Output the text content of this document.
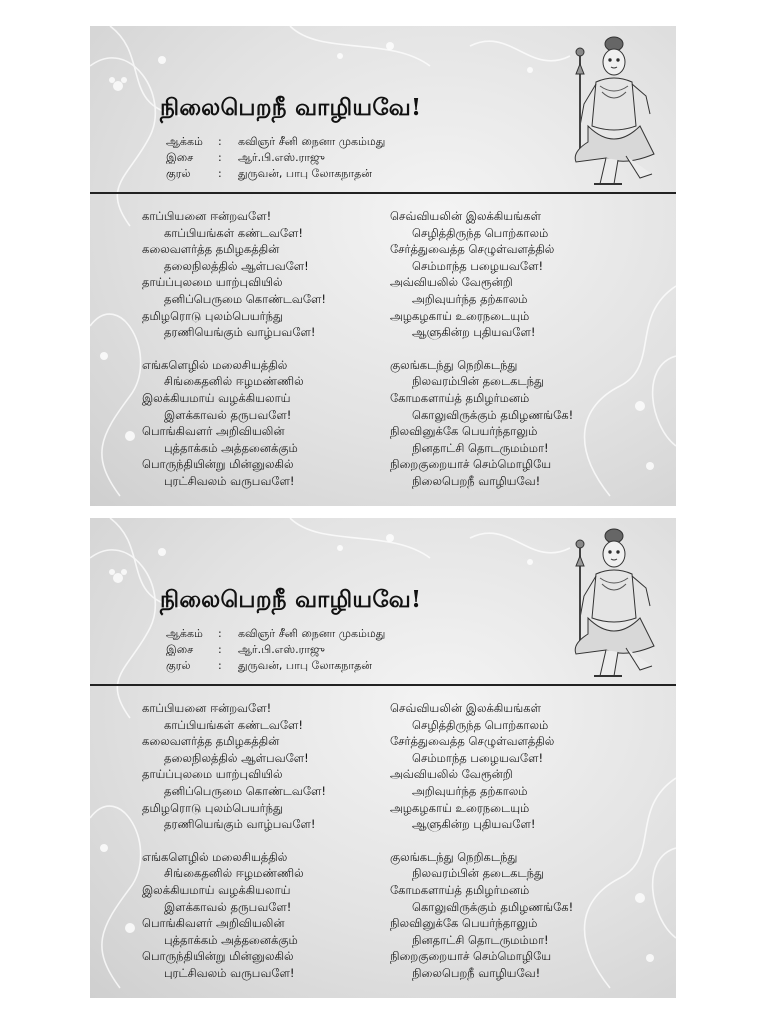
நிலைபெறநீ வாழியவே!
ஆக்கம்	:	கவிஞர் சீனி நைனா முகம்மது
இசை	:	ஆர்.பி.எஸ்.ராஜு
குரல்	:	துருவன், பாபு லோகநாதன்
காப்பியனை ஈன்றவளே!
காப்பியங்கள் கண்டவளே!
கலைவளர்த்த தமிழகத்தின்
தலைநிலத்தில் ஆள்பவளே!
தாய்ப்புலமை யாற்புவியில்
தனிப்பெருமை கொண்டவளே!
தமிழரொடு புலம்பெயர்ந்து
தரணியெங்கும் வாழ்பவளே!
எங்களெழில் மலைசியத்தில்
சிங்கைதனில் ஈழமண்ணில்
இலக்கியமாய் வழக்கியலாய்
இளக்காவல் தருபவளே!
பொங்கிவளர் அறிவியலின்
புத்தாக்கம் அத்தனைக்கும்
பொருந்தியின்று மின்னுலகில்
புரட்சிவலம் வருபவளே!
செவ்வியலின் இலக்கியங்கள்
செழித்திருந்த பொற்காலம்
சேர்த்துவைத்த செழுள்வளத்தில்
செம்மாந்த பழையவளே!
அவ்வியலில் வேரூன்றி
அறிவுயர்ந்த தற்காலம்
அழகழகாய் உரைநடையும்
ஆளுகின்ற புதியவளே!
குலங்கடந்து நெறிகடந்து
நிலவரம்பின் தடைகடந்து
கோமகளாய்த் தமிழர்மனம்
கொலுவிருக்கும் தமிழணங்கே!
நிலவினுக்கே பெயர்ந்தாலும்
நினதாட்சி தொடருமம்மா!
நிறைகுறையாச் செம்மொழியே
நிலைபெறநீ வாழியவே!
நிலைபெறநீ வாழியவே!
ஆக்கம்	:	கவிஞர் சீனி நைனா முகம்மது
இசை	:	ஆர்.பி.எஸ்.ராஜு
குரல்	:	துருவன், பாபு லோகநாதன்
காப்பியனை ஈன்றவளே!
காப்பியங்கள் கண்டவளே!
கலைவளர்த்த தமிழகத்தின்
தலைநிலத்தில் ஆள்பவளே!
தாய்ப்புலமை யாற்புவியில்
தனிப்பெருமை கொண்டவளே!
தமிழரொடு புலம்பெயர்ந்து
தரணியெங்கும் வாழ்பவளே!
எங்களெழில் மலைசியத்தில்
சிங்கைதனில் ஈழமண்ணில்
இலக்கியமாய் வழக்கியலாய்
இளக்காவல் தருபவளே!
பொங்கிவளர் அறிவியலின்
புத்தாக்கம் அத்தனைக்கும்
பொருந்தியின்று மின்னுலகில்
புரட்சிவலம் வருபவளே!
செவ்வியலின் இலக்கியங்கள்
செழித்திருந்த பொற்காலம்
சேர்த்துவைத்த செழுள்வளத்தில்
செம்மாந்த பழையவளே!
அவ்வியலில் வேரூன்றி
அறிவுயர்ந்த தற்காலம்
அழகழகாய் உரைநடையும்
ஆளுகின்ற புதியவளே!
குலங்கடந்து நெறிகடந்து
நிலவரம்பின் தடைகடந்து
கோமகளாய்த் தமிழர்மனம்
கொலுவிருக்கும் தமிழணங்கே!
நிலவினுக்கே பெயர்ந்தாலும்
நினதாட்சி தொடருமம்மா!
நிறைகுறையாச் செம்மொழியே
நிலைபெறநீ வாழியவே!
